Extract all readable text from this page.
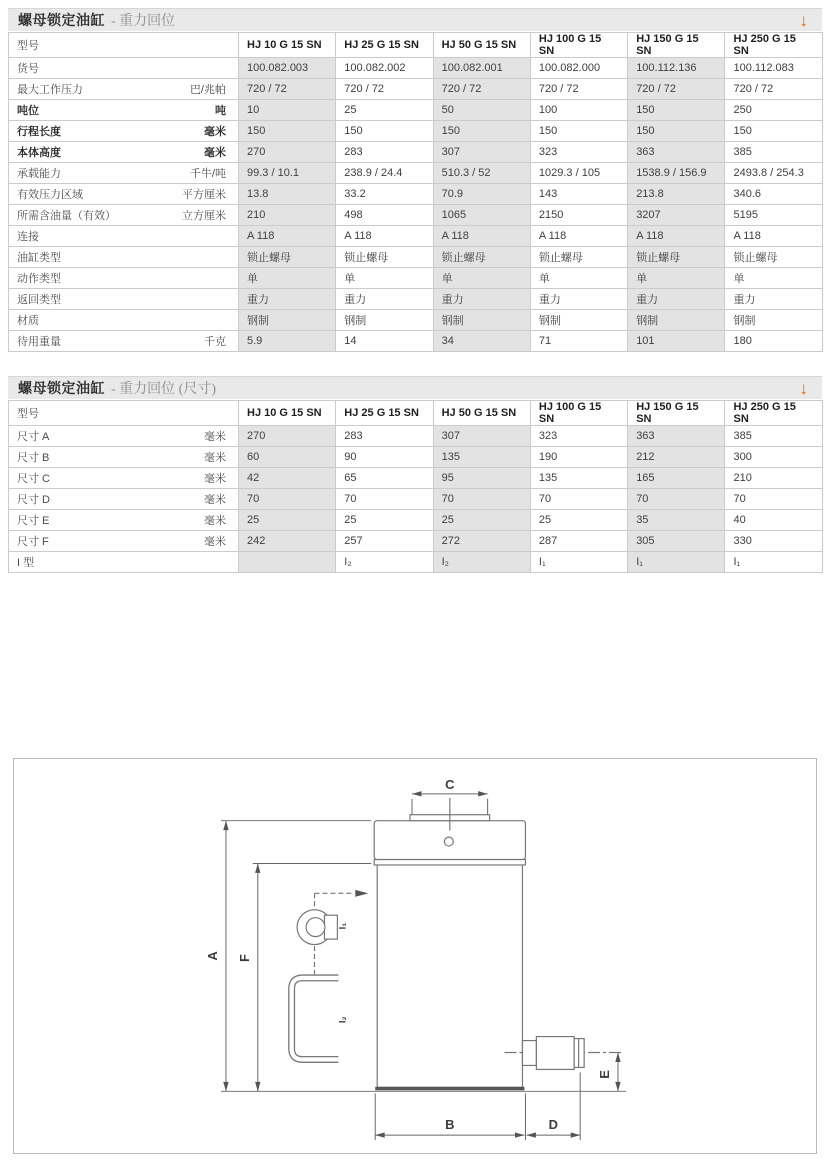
螺母锁定油缸 - 重力回位	↓
型号	HJ 10 G 15 SN	HJ 25 G 15 SN	HJ 50 G 15 SN	HJ 100 G 15 SN	HJ 150 G 15 SN	HJ 250 G 15 SN

货号	100.082.003	100.082.002	100.082.001	100.082.000	100.112.136	100.112.083

最大工作压力 巴/兆帕	720 / 72	720 / 72	720 / 72	720 / 72	720 / 72	720 / 72

吨位 吨	10	25	50	100	150	250

行程长度 毫米	150	150	150	150	150	150

本体高度 毫米	270	283	307	323	363	385

承载能力 千牛/吨	99.3 / 10.1	238.9 / 24.4	510.3 / 52	1029.3 / 105	1538.9 / 156.9	2493.8 / 254.3

有效压力区域 平方厘米	13.8	33.2	70.9	143	213.8	340.6

所需含油量（有效） 立方厘米	210	498	1065	2150	3207	5195

连接	A 118	A 118	A 118	A 118	A 118	A 118

油缸类型	锁止螺母	锁止螺母	锁止螺母	锁止螺母	锁止螺母	锁止螺母

动作类型	单	单	单	单	单	单

返回类型	重力	重力	重力	重力	重力	重力

材质	钢制	钢制	钢制	钢制	钢制	钢制

待用重量 千克	5.9	14	34	71	101	180
螺母锁定油缸 - 重力回位 (尺寸)	↓
型号	HJ 10 G 15 SN	HJ 25 G 15 SN	HJ 50 G 15 SN	HJ 100 G 15 SN	HJ 150 G 15 SN	HJ 250 G 15 SN

尺寸 A 毫米	270	283	307	323	363	385

尺寸 B 毫米	60	90	135	190	212	300

尺寸 C 毫米	42	65	95	135	165	210

尺寸 D 毫米	70	70	70	70	70	70

尺寸 E 毫米	25	25	25	25	35	40

尺寸 F 毫米	242	257	272	287	305	330

I 型		I₂	I₂	I₁	I₁	I₁
C
A F
B	D
E
I₁
I₂
